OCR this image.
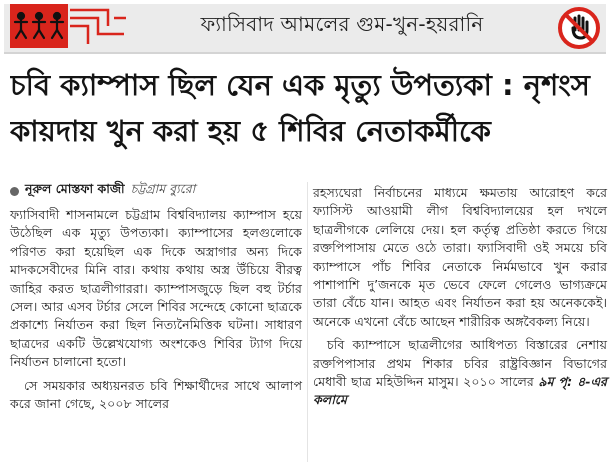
ফ্যাসিবাদ আমলের গুম-খুন-হয়রানি
চবি ক্যাম্পাস ছিল যেন এক মৃত্যু উপত্যকা : নৃশংস
কায়দায় খুন করা হয় ৫ শিবির নেতাকর্মীকে
নূরুল মোস্তফা কাজী চট্টগ্রাম ব্যুরো

ফ্যাসিবাদী শাসনামলে চট্টগ্রাম বিশ্ববিদ্যালয় ক্যাম্পাস হয়ে উঠেছিল এক মৃত্যু উপত্যকা। ক্যাম্পাসের হলগুলোকে পরিণত করা হয়েছিল এক দিকে অস্ত্রাগার অন্য দিকে মাদকসেবীদের মিনি বার। কথায় কথায় অস্ত্র উঁচিয়ে বীরত্ব জাহির করত ছাত্রলীগাররা। ক্যাম্পাসজুড়ে ছিল বহু টর্চার সেল। আর এসব টর্চার সেলে শিবির সন্দেহে কোনো ছাত্রকে প্রকাশ্যে নির্যাতন করা ছিল নিত্যনৈমিত্তিক ঘটনা। সাধারণ ছাত্রদের একটি উল্লেখযোগ্য অংশকেও শিবির ট্যাগ দিয়ে নির্যাতন চালানো হতো।

সে সময়কার অধ্যয়নরত চবি শিক্ষার্থীদের সাথে আলাপ করে জানা গেছে, ২০০৮ সালের

রহস্যঘেরা নির্বাচনের মাধ্যমে ক্ষমতায় আরোহণ করে ফ্যাসিস্ট আওয়ামী লীগ বিশ্ববিদ্যালয়ের হল দখলে ছাত্রলীগকে লেলিয়ে দেয়। হল কর্তৃত্ব প্রতিষ্ঠা করতে গিয়ে রক্তপিপাসায় মেতে ওঠে তারা। ফ্যাসিবাদী ওই সময়ে চবি ক্যাম্পাসে পাঁচ শিবির নেতাকে নির্মমভাবে খুন করার পাশাপাশি দু’জনকে মৃত ভেবে ফেলে গেলেও ভাগ্যক্রমে তারা বেঁচে যান। আহত এবং নির্যাতন করা হয় অনেককেই। অনেকে এখনো বেঁচে আছেন শারীরিক অঙ্গবৈকল্য নিয়ে।

চবি ক্যাম্পাসে ছাত্রলীগের আধিপত্য বিস্তারের নেশায় রক্তপিপাসার প্রথম শিকার চবির রাষ্ট্রবিজ্ঞান বিভাগের মেধাবী ছাত্র মহিউদ্দিন মাসুম। ২০১০ সালের ৯ম পৃ: ৪-এর কলামে
